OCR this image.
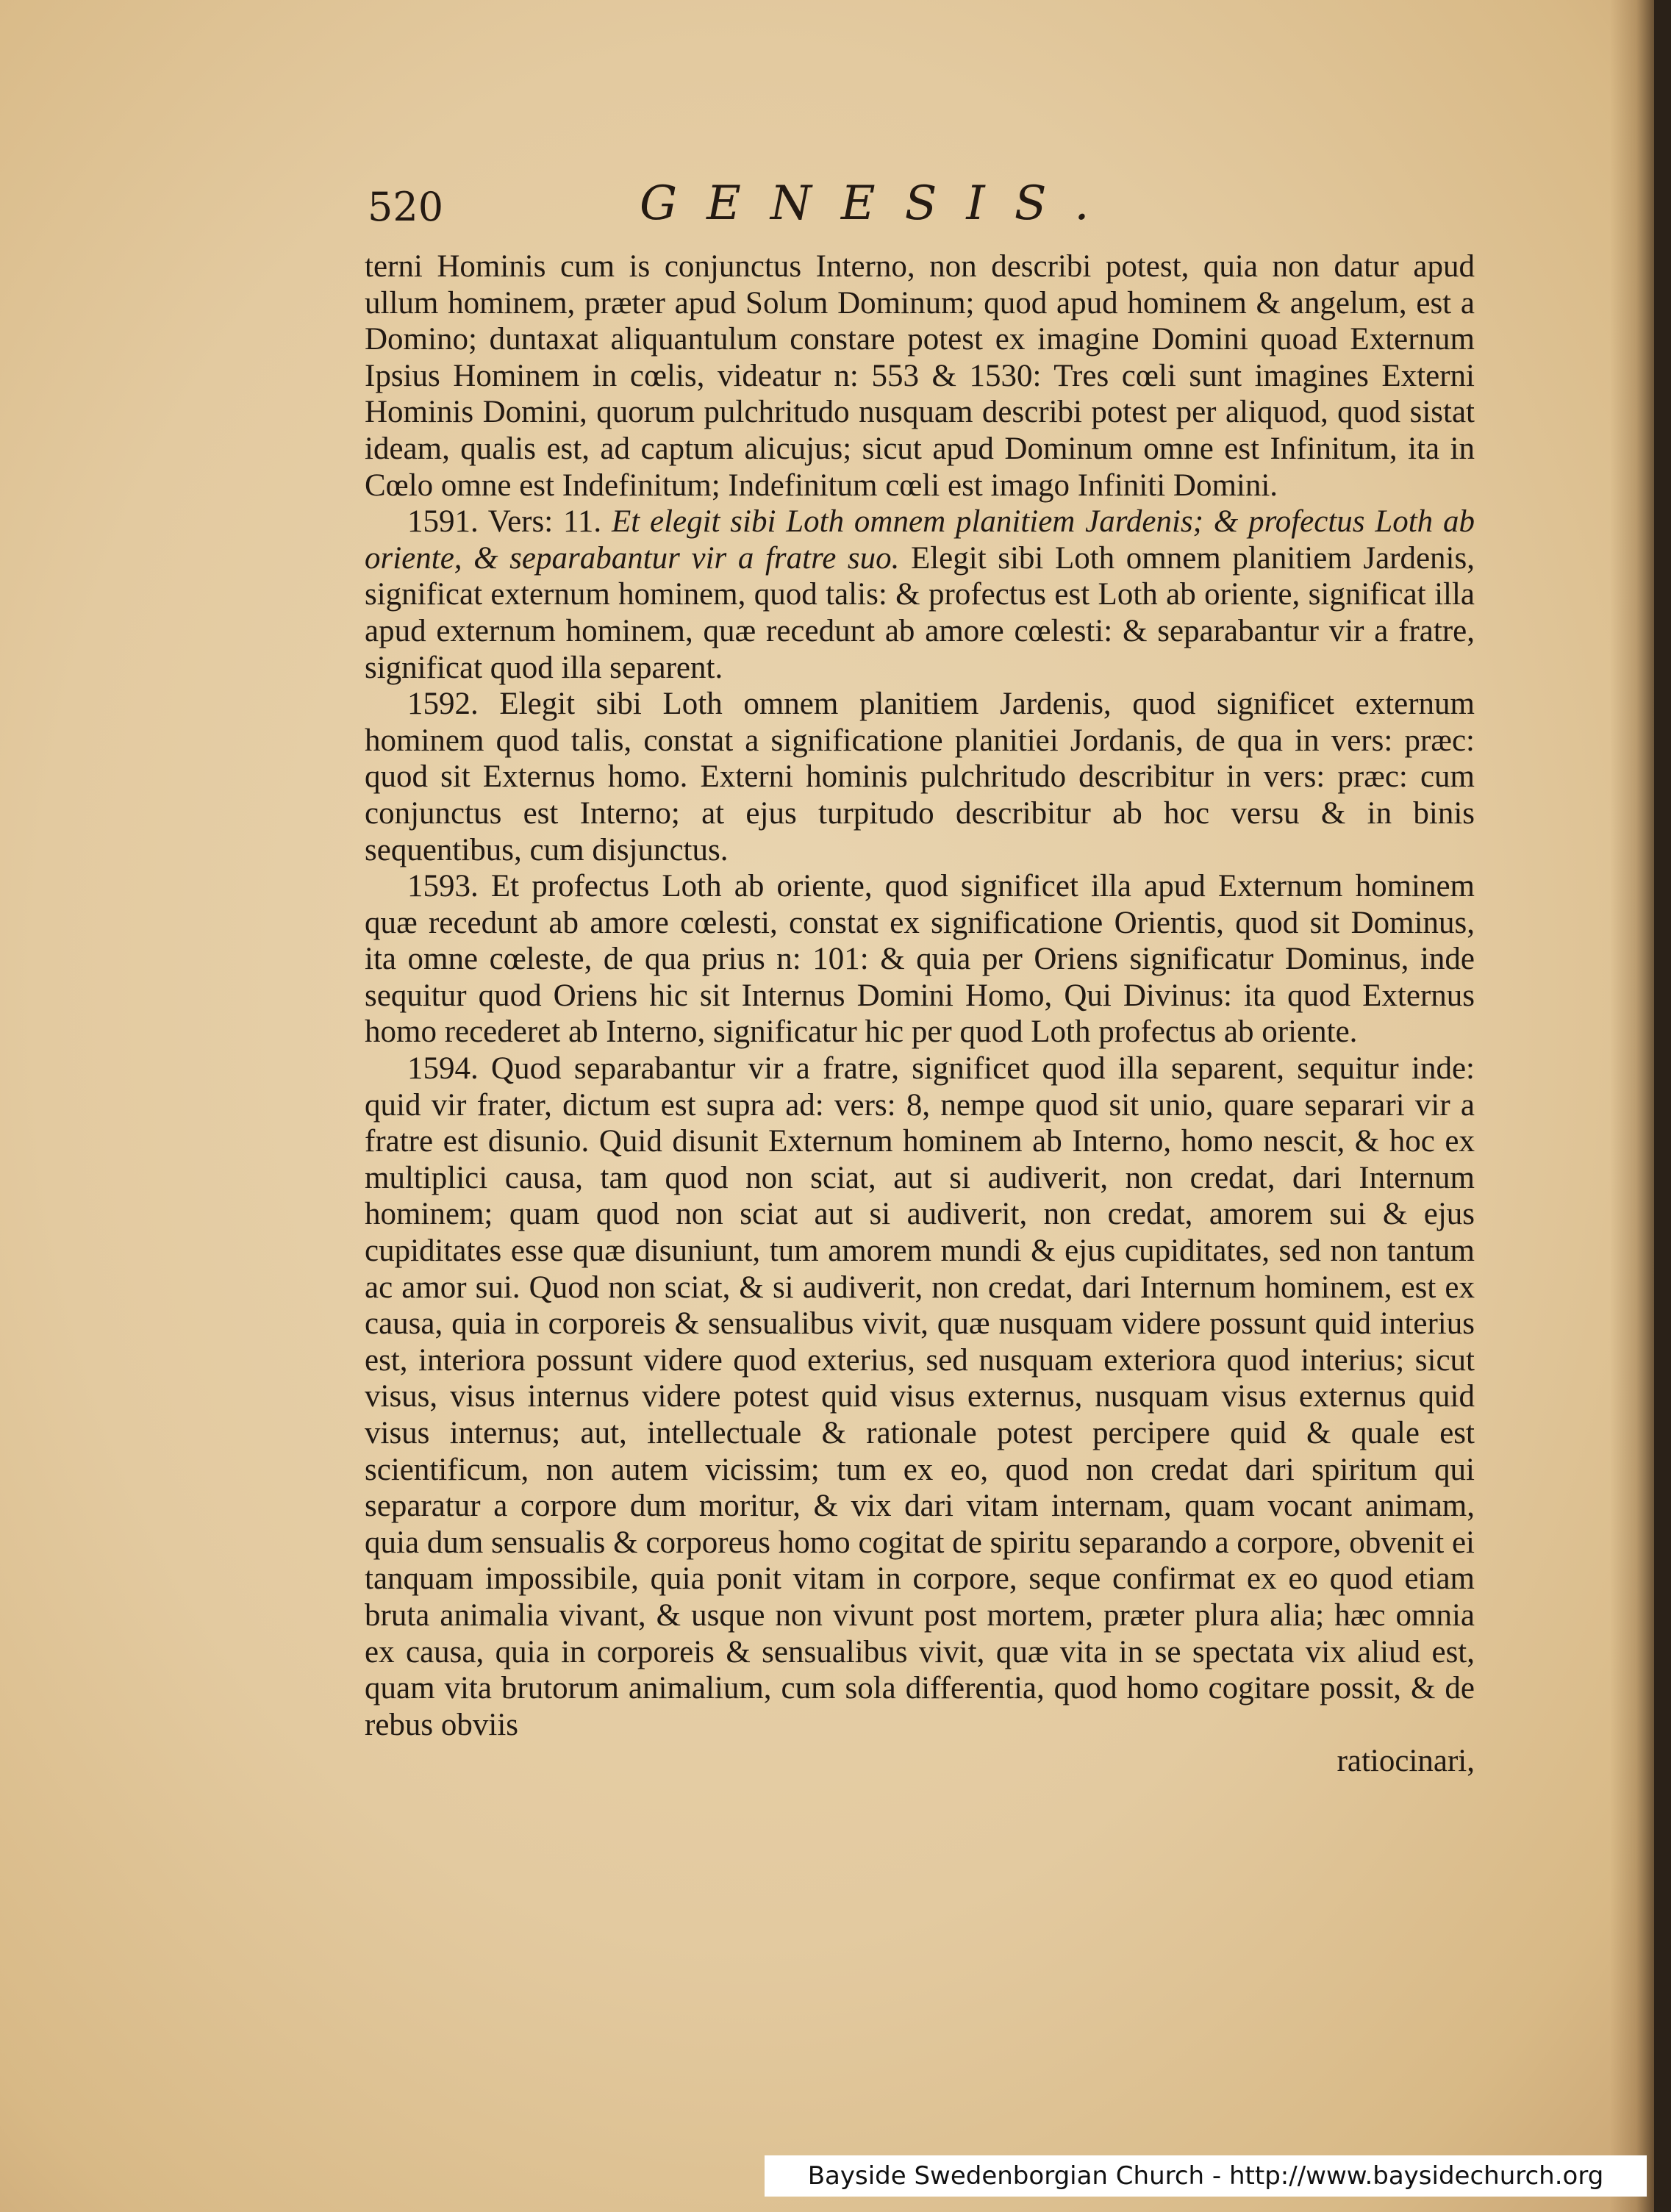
520	GENESIS.

terni Hominis cum is conjunctus Interno, non describi potest, quia non datur apud ullum hominem, præter apud Solum Dominum; quod apud hominem & angelum, est a Domino; duntaxat aliquantulum constare potest ex imagine Domini quoad Externum Ipsius Hominem in cœlis, videatur n: 553 & 1530: Tres cœli sunt imagines Externi Hominis Domini, quorum pulchritudo nusquam describi potest per aliquod, quod sistat ideam, qualis est, ad captum alicujus; sicut apud Dominum omne est Infinitum, ita in Cœlo omne est Indefinitum; Indefinitum cœli est imago Infiniti Domini.

1591. Vers: 11. Et elegit sibi Loth omnem planitiem Jardenis; & profectus Loth ab oriente, & separabantur vir a fratre suo. Elegit sibi Loth omnem planitiem Jardenis, significat externum hominem, quod talis: & profectus est Loth ab oriente, significat illa apud externum hominem, quæ recedunt ab amore cœlesti: & separabantur vir a fratre, significat quod illa separent.

1592. Elegit sibi Loth omnem planitiem Jardenis, quod significet externum hominem quod talis, constat a significatione planitiei Jordanis, de qua in vers: præc: quod sit Externus homo. Externi hominis pulchritudo describitur in vers: præc: cum conjunctus est Interno; at ejus turpitudo describitur ab hoc versu & in binis sequentibus, cum disjunctus.

1593. Et profectus Loth ab oriente, quod significet illa apud Externum hominem quæ recedunt ab amore cœlesti, constat ex significatione Orientis, quod sit Dominus, ita omne cœleste, de qua prius n: 101: & quia per Oriens significatur Dominus, inde sequitur quod Oriens hic sit Internus Domini Homo, Qui Divinus: ita quod Externus homo recederet ab Interno, significatur hic per quod Loth profectus ab oriente.

1594. Quod separabantur vir a fratre, significet quod illa separent, sequitur inde: quid vir frater, dictum est supra ad: vers: 8, nempe quod sit unio, quare separari vir a fratre est disunio. Quid disunit Externum hominem ab Interno, homo nescit, & hoc ex multiplici causa, tam quod non sciat, aut si audiverit, non credat, dari Internum hominem; quam quod non sciat aut si audiverit, non credat, amorem sui & ejus cupiditates esse quæ disuniunt, tum amorem mundi & ejus cupiditates, sed non tantum ac amor sui. Quod non sciat, & si audiverit, non credat, dari Internum hominem, est ex causa, quia in corporeis & sensualibus vivit, quæ nusquam videre possunt quid interius est, interiora possunt videre quod exterius, sed nusquam exteriora quod interius; sicut visus, visus internus videre potest quid visus externus, nusquam visus externus quid visus internus; aut, intellectuale & rationale potest percipere quid & quale est scientificum, non autem vicissim; tum ex eo, quod non credat dari spiritum qui separatur a corpore dum moritur, & vix dari vitam internam, quam vocant animam, quia dum sensualis & corporeus homo cogitat de spiritu separando a corpore, obvenit ei tanquam impossibile, quia ponit vitam in corpore, seque confirmat ex eo quod etiam bruta animalia vivant, & usque non vivunt post mortem, præter plura alia; hæc omnia ex causa, quia in corporeis & sensualibus vivit, quæ vita in se spectata vix aliud est, quam vita brutorum animalium, cum sola differentia, quod homo cogitare possit, & de rebus obviis

ratiocinari,
Bayside Swedenborgian Church - http://www.baysidechurch.org
